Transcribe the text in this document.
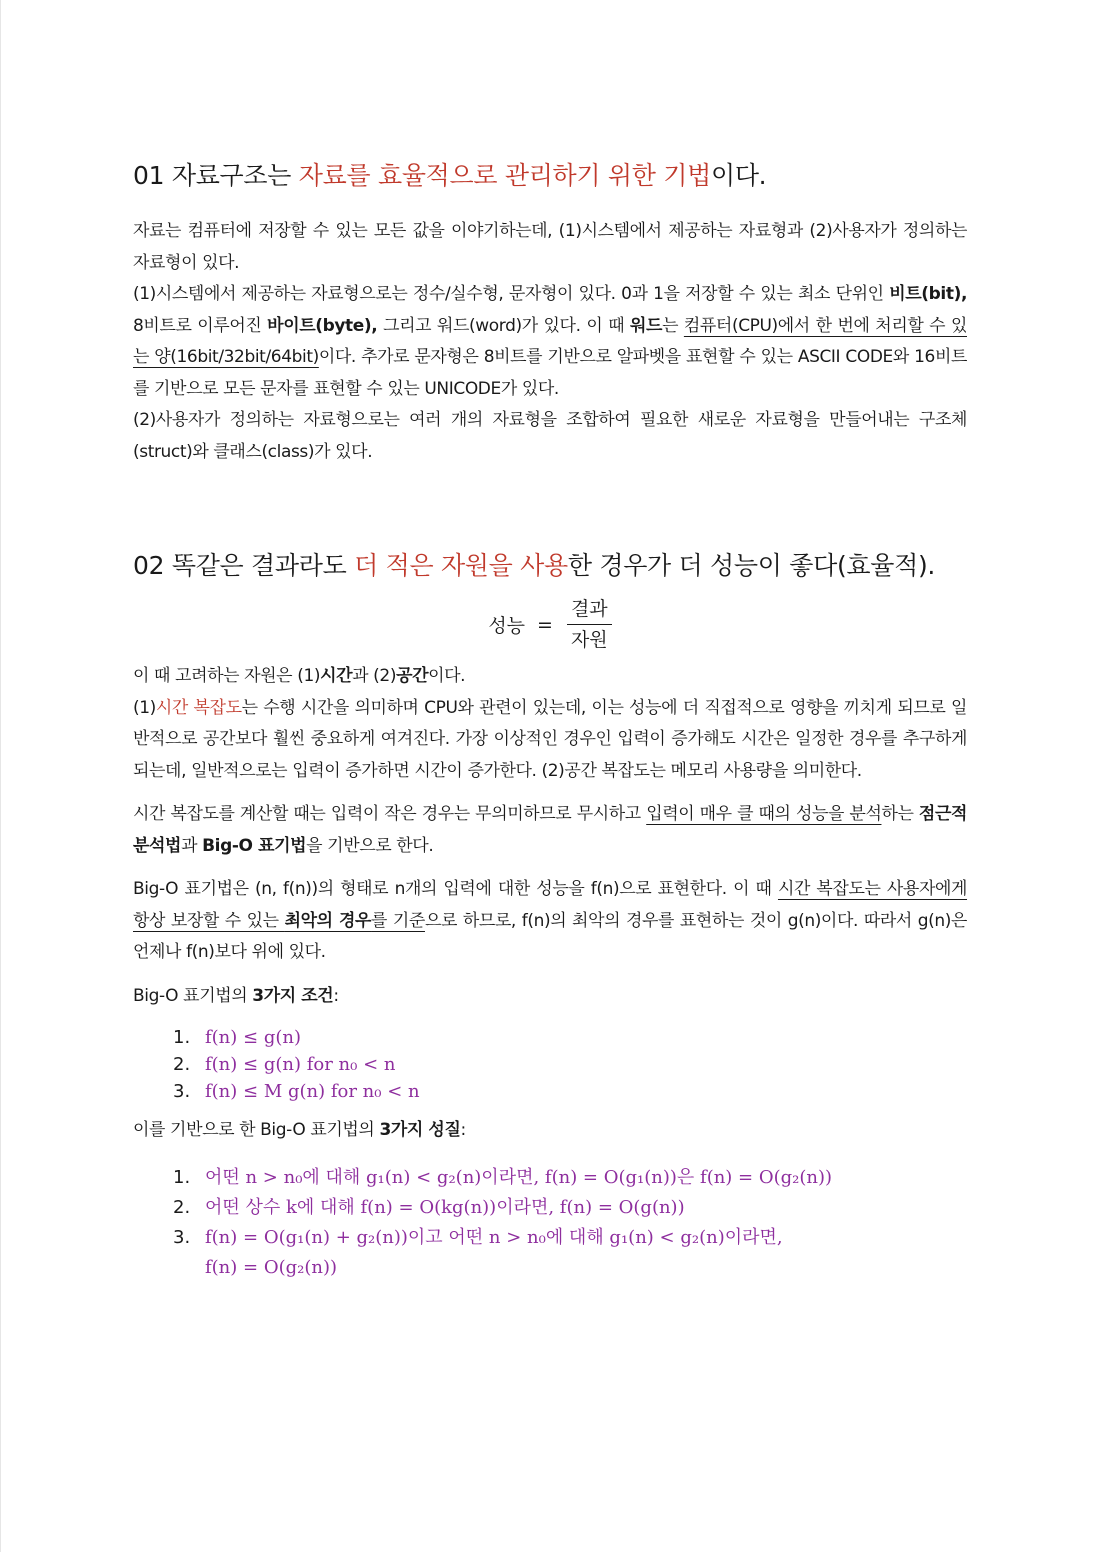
01 자료구조는 자료를 효율적으로 관리하기 위한 기법이다.

자료는 컴퓨터에 저장할 수 있는 모든 값을 이야기하는데, (1)시스템에서 제공하는 자료형과 (2)사용자가 정의하는 자료형이 있다.

(1)시스템에서 제공하는 자료형으로는 정수/실수형, 문자형이 있다. 0과 1을 저장할 수 있는 최소 단위인 비트(bit), 8비트로 이루어진 바이트(byte), 그리고 워드(word)가 있다. 이 때 워드는 컴퓨터(CPU)에서 한 번에 처리할 수 있는 양(16bit/32bit/64bit)이다. 추가로 문자형은 8비트를 기반으로 알파벳을 표현할 수 있는 ASCII CODE와 16비트를 기반으로 모든 문자를 표현할 수 있는 UNICODE가 있다.

(2)사용자가 정의하는 자료형으로는 여러 개의 자료형을 조합하여 필요한 새로운 자료형을 만들어내는 구조체(struct)와 클래스(class)가 있다.

02 똑같은 결과라도 더 적은 자원을 사용한 경우가 더 성능이 좋다(효율적).
성능 = $\frac{\text{결과}}{\text{자원}}$

이 때 고려하는 자원은 (1)시간과 (2)공간이다.

(1)시간 복잡도는 수행 시간을 의미하며 CPU와 관련이 있는데, 이는 성능에 더 직접적으로 영향을 끼치게 되므로 일반적으로 공간보다 훨씬 중요하게 여겨진다. 가장 이상적인 경우인 입력이 증가해도 시간은 일정한 경우를 추구하게 되는데, 일반적으로는 입력이 증가하면 시간이 증가한다. (2)공간 복잡도는 메모리 사용량을 의미한다.

시간 복잡도를 계산할 때는 입력이 작은 경우는 무의미하므로 무시하고 입력이 매우 클 때의 성능을 분석하는 점근적 분석법과 Big-O 표기법을 기반으로 한다.

Big-O 표기법은 (n, f(n))의 형태로 n개의 입력에 대한 성능을 f(n)으로 표현한다. 이 때 시간 복잡도는 사용자에게 항상 보장할 수 있는 최악의 경우를 기준으로 하므로, f(n)의 최악의 경우를 표현하는 것이 g(n)이다. 따라서 g(n)은 언제나 f(n)보다 위에 있다.

Big-O 표기법의 3가지 조건:

1. f(n) ≤ g(n)
2. f(n) ≤ g(n) for n₀ < n
3. f(n) ≤ M g(n) for n₀ < n

이를 기반으로 한 Big-O 표기법의 3가지 성질:

1. 어떤 n > n₀에 대해 g₁(n) < g₂(n)이라면, f(n) = O(g₁(n))은 f(n) = O(g₂(n))
2. 어떤 상수 k에 대해 f(n) = O(kg(n))이라면, f(n) = O(g(n))
3. f(n) = O(g₁(n) + g₂(n))이고 어떤 n > n₀에 대해 g₁(n) < g₂(n)이라면,
f(n) = O(g₂(n))
